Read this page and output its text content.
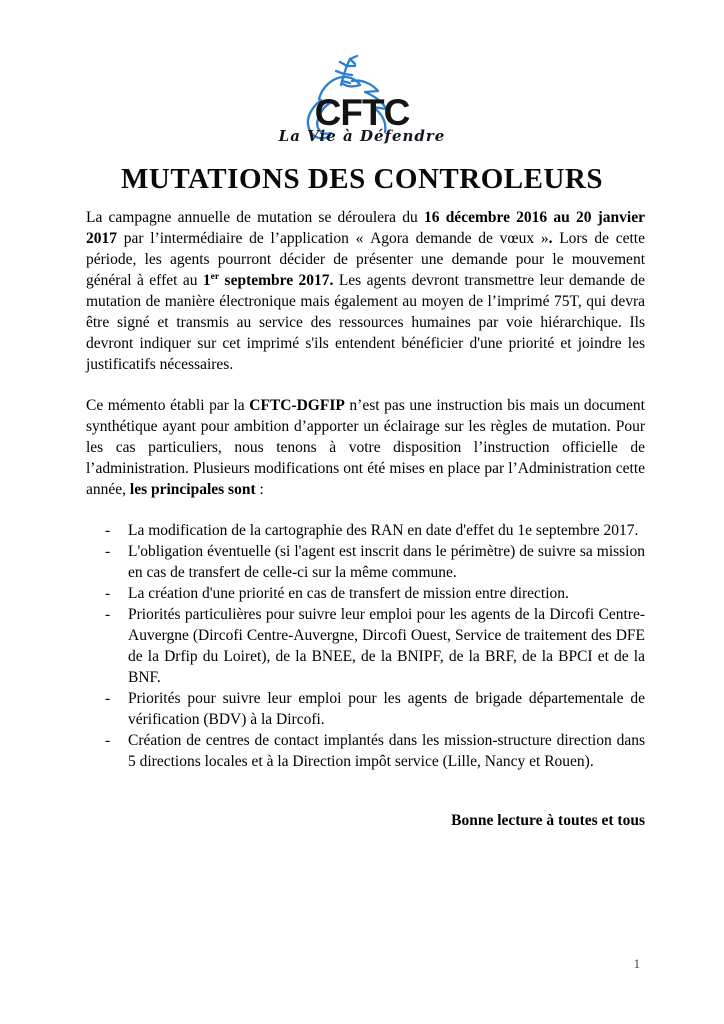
CFTC
La Vie à Défendre
MUTATIONS DES CONTROLEURS

La campagne annuelle de mutation se déroulera du 16 décembre 2016 au 20 janvier 2017 par l’intermédiaire de l’application « Agora demande de vœux ». Lors de cette période, les agents pourront décider de présenter une demande pour le mouvement général à effet au 1er septembre 2017. Les agents devront transmettre leur demande de mutation de manière électronique mais également au moyen de l’imprimé 75T, qui devra être signé et transmis au service des ressources humaines par voie hiérarchique. Ils devront indiquer sur cet imprimé s'ils entendent bénéficier d'une priorité et joindre les justificatifs nécessaires.

Ce mémento établi par la CFTC-DGFIP n’est pas une instruction bis mais un document synthétique ayant pour ambition d’apporter un éclairage sur les règles de mutation. Pour les cas particuliers, nous tenons à votre disposition l’instruction officielle de l’administration. Plusieurs modifications ont été mises en place par l’Administration cette année, les principales sont :

-	La modification de la cartographie des RAN en date d'effet du 1e septembre 2017.
-	L'obligation éventuelle (si l'agent est inscrit dans le périmètre) de suivre sa mission en cas de transfert de celle-ci sur la même commune.
-	La création d'une priorité en cas de transfert de mission entre direction.
-	Priorités particulières pour suivre leur emploi pour les agents de la Dircofi Centre-Auvergne (Dircofi Centre-Auvergne, Dircofi Ouest, Service de traitement des DFE de la Drfip du Loiret), de la BNEE, de la BNIPF, de la BRF, de la BPCI et de la BNF.
-	Priorités pour suivre leur emploi pour les agents de brigade départementale de vérification (BDV) à la Dircofi.
-	Création de centres de contact implantés dans les mission-structure direction dans 5 directions locales et à la Direction impôt service (Lille, Nancy et Rouen).

Bonne lecture à toutes et tous

1
